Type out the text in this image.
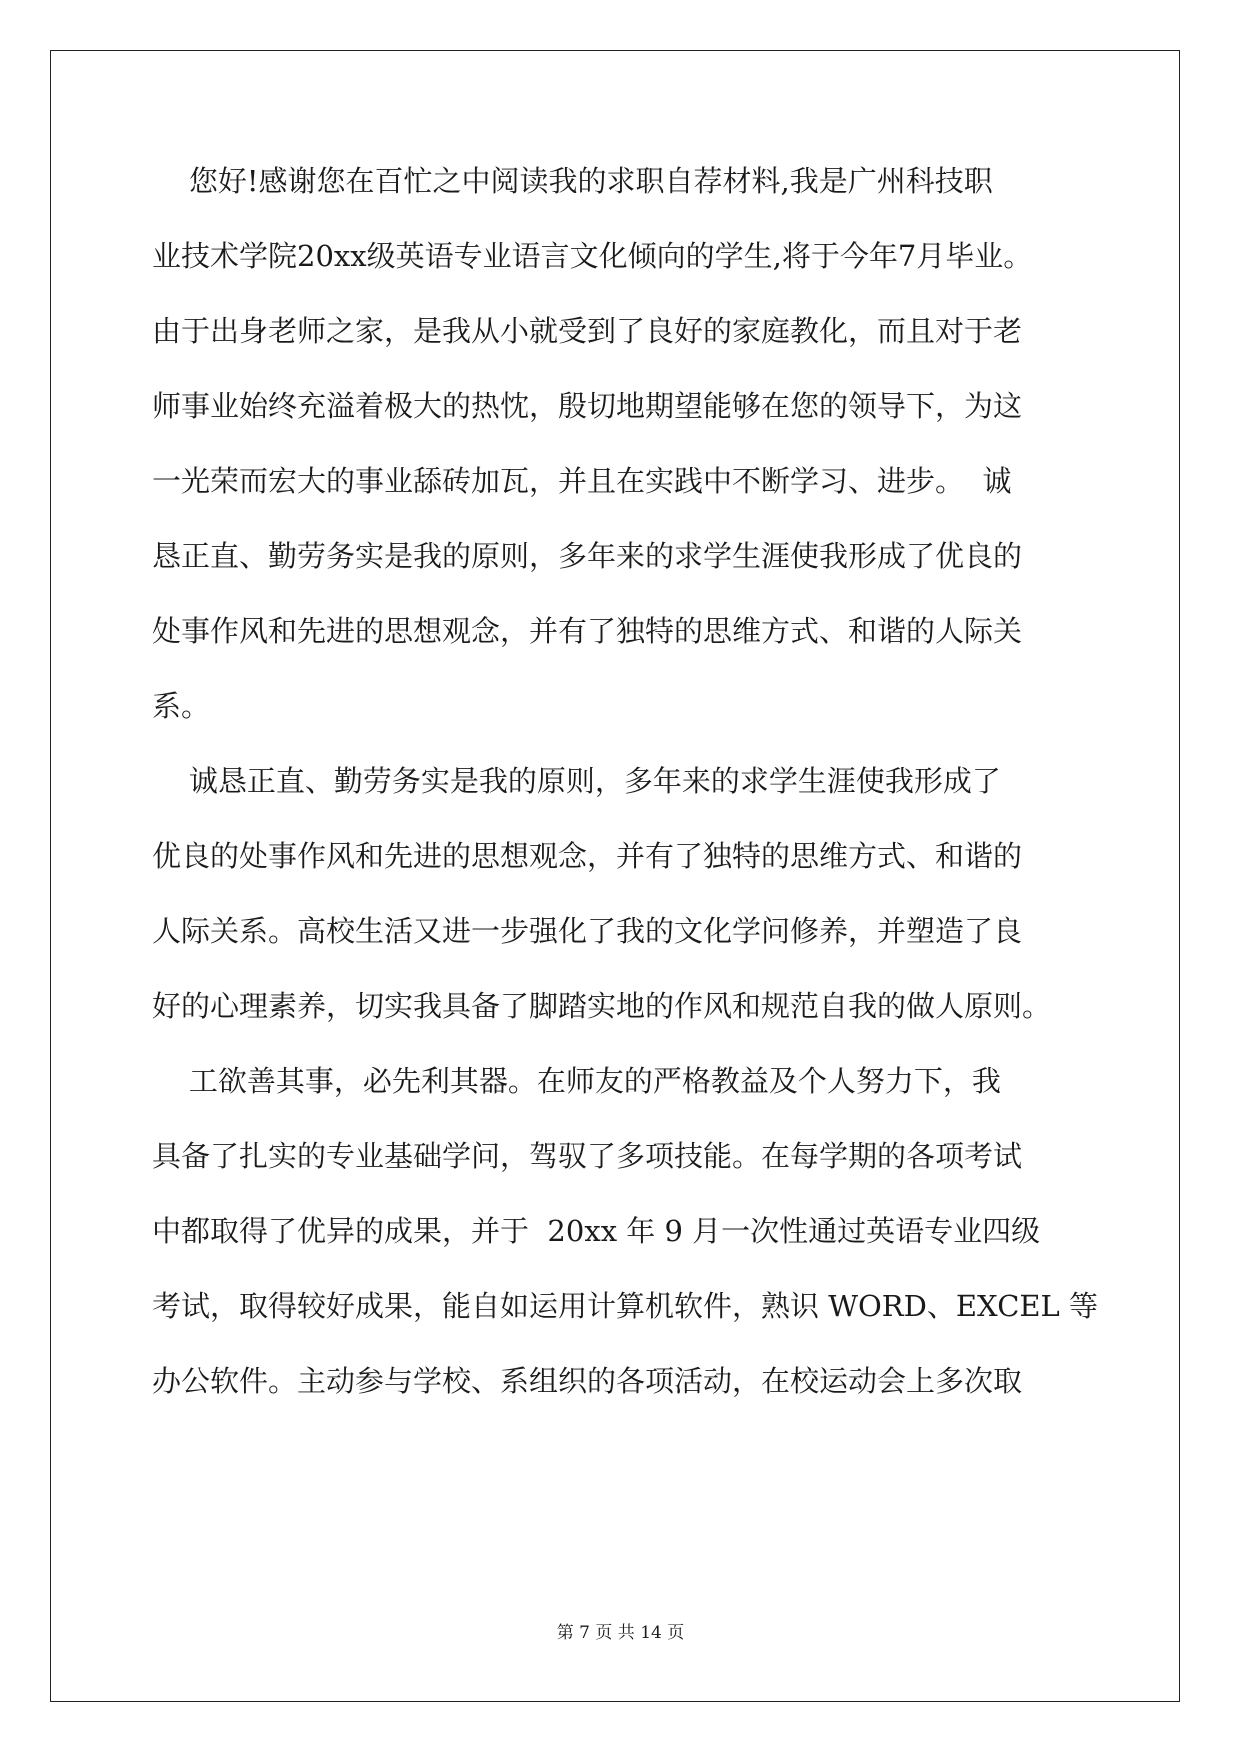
您好!感谢您在百忙之中阅读我的求职自荐材料,我是广州科技职
业技术学院20xx级英语专业语言文化倾向的学生,将于今年7月毕业。
由于出身老师之家，是我从小就受到了良好的家庭教化，而且对于老
师事业始终充溢着极大的热忱，殷切地期望能够在您的领导下，为这
一光荣而宏大的事业舔砖加瓦，并且在实践中不断学习、进步。  诚
恳正直、勤劳务实是我的原则，多年来的求学生涯使我形成了优良的
处事作风和先进的思想观念，并有了独特的思维方式、和谐的人际关
系。
诚恳正直、勤劳务实是我的原则，多年来的求学生涯使我形成了
优良的处事作风和先进的思想观念，并有了独特的思维方式、和谐的
人际关系。高校生活又进一步强化了我的文化学问修养，并塑造了良
好的心理素养，切实我具备了脚踏实地的作风和规范自我的做人原则。
工欲善其事，必先利其器。在师友的严格教益及个人努力下，我
具备了扎实的专业基础学问，驾驭了多项技能。在每学期的各项考试
中都取得了优异的成果，并于  20xx 年 9 月一次性通过英语专业四级
考试，取得较好成果，能自如运用计算机软件，熟识 WORD、EXCEL 等
办公软件。主动参与学校、系组织的各项活动，在校运动会上多次取
第 7 页 共 14 页
